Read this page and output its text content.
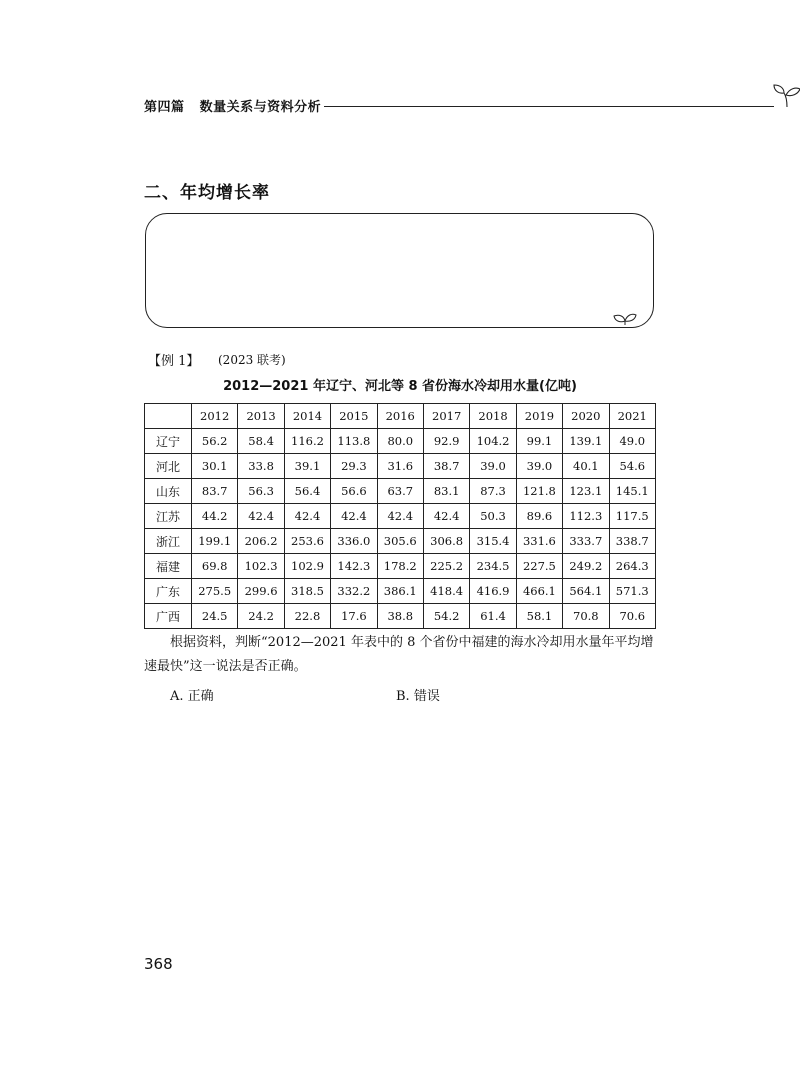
第四篇 数量关系与资料分析
二、年均增长率
【例 1】 (2023 联考)
2012—2021 年辽宁、河北等 8 省份海水冷却用水量(亿吨)
	2012	2013	2014	2015	2016	2017	2018	2019	2020	2021
辽宁	56.2	58.4	116.2	113.8	80.0	92.9	104.2	99.1	139.1	49.0
河北	30.1	33.8	39.1	29.3	31.6	38.7	39.0	39.0	40.1	54.6
山东	83.7	56.3	56.4	56.6	63.7	83.1	87.3	121.8	123.1	145.1
江苏	44.2	42.4	42.4	42.4	42.4	42.4	50.3	89.6	112.3	117.5
浙江	199.1	206.2	253.6	336.0	305.6	306.8	315.4	331.6	333.7	338.7
福建	69.8	102.3	102.9	142.3	178.2	225.2	234.5	227.5	249.2	264.3
广东	275.5	299.6	318.5	332.2	386.1	418.4	416.9	466.1	564.1	571.3
广西	24.5	24.2	22.8	17.6	38.8	54.2	61.4	58.1	70.8	70.6
根据资料，判断“2012—2021 年表中的 8 个省份中福建的海水冷却用水量年平均增速最快”这一说法是否正确。
A. 正确	B. 错误
368
